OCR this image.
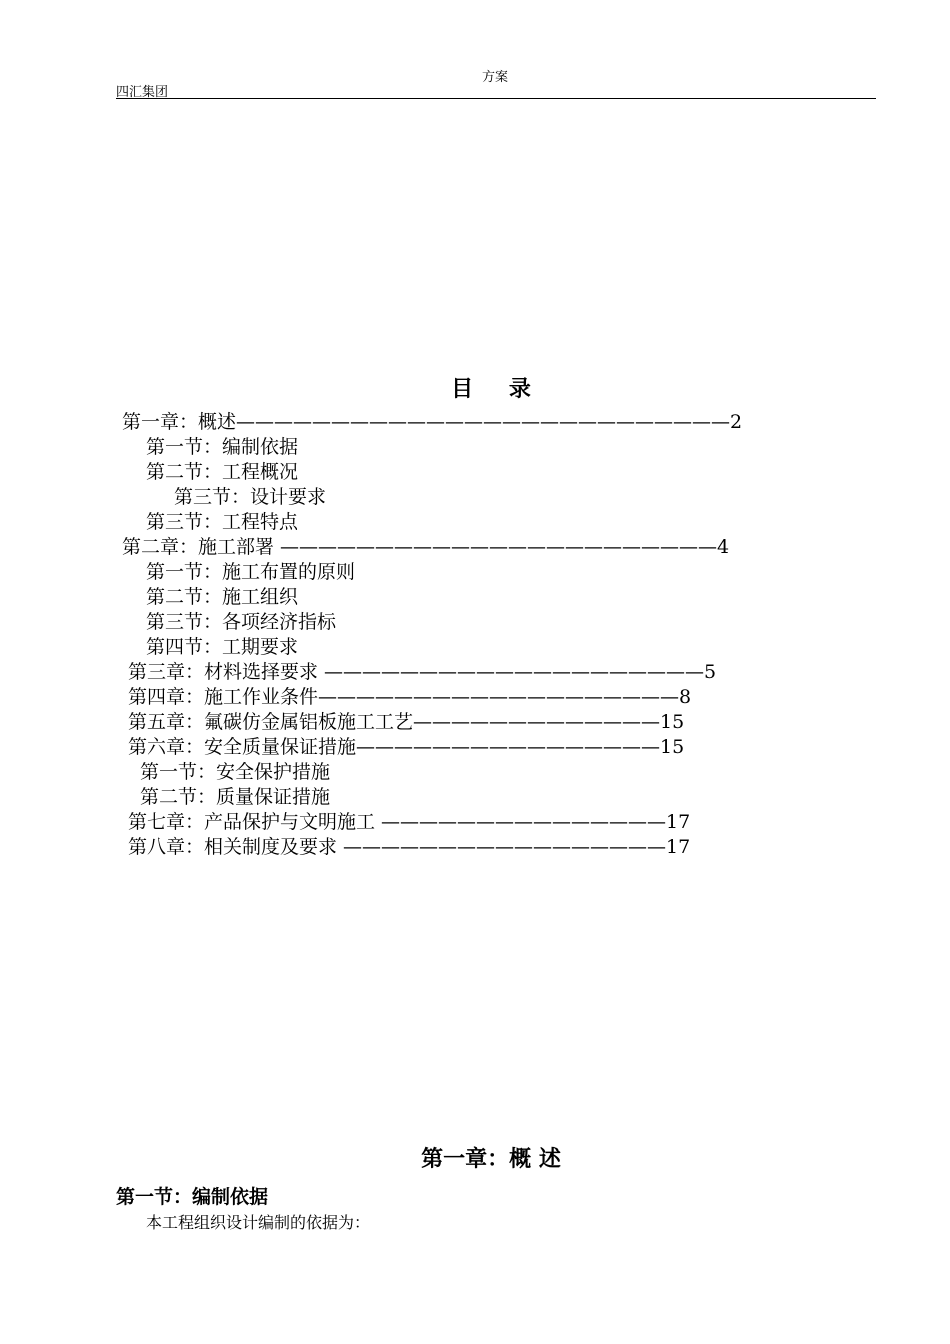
方案
四汇集团
目 录
第一章：概述——————————————————————————2
第一节：编制依据
第二节：工程概况
第三节：设计要求
第三节：工程特点
第二章：施工部署 ———————————————————————4
第一节：施工布置的原则
第二节：施工组织
第三节：各项经济指标
第四节：工期要求
第三章：材料选择要求 ————————————————————5
第四章：施工作业条件———————————————————8
第五章：氟碳仿金属铝板施工工艺—————————————15
第六章：安全质量保证措施————————————————15
第一节：安全保护措施
第二节：质量保证措施
第七章：产品保护与文明施工 ———————————————17
第八章：相关制度及要求 —————————————————17
第一章：概 述
第一节：编制依据
本工程组织设计编制的依据为：
